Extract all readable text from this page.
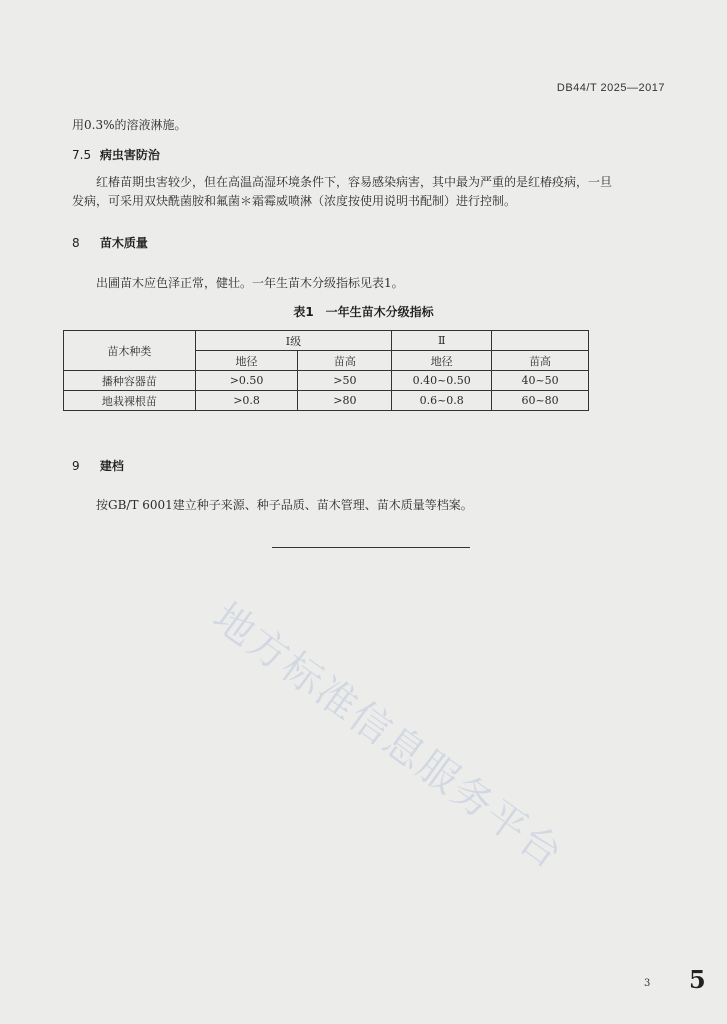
DB44/T 2025—2017
用0.3%的溶液淋施。
7.5 病虫害防治
红椿苗期虫害较少，但在高温高湿环境条件下，容易感染病害，其中最为严重的是红椿疫病，一旦
发病，可采用双炔酰菌胺和氟菌＊霜霉威喷淋（浓度按使用说明书配制）进行控制。
8 苗木质量
出圃苗木应色泽正常，健壮。一年生苗木分级指标见表1。
表1 一年生苗木分级指标
苗木种类	Ⅰ级		Ⅱ	
	地径	苗高	地径	苗高
播种容器苗	>0.50	>50	0.40~0.50	40~50
地栽裸根苗	>0.8	>80	0.6~0.8	60~80
9 建档
按GB/T 6001建立种子来源、种子品质、苗木管理、苗木质量等档案。
地方标准信息服务平台
3 5
